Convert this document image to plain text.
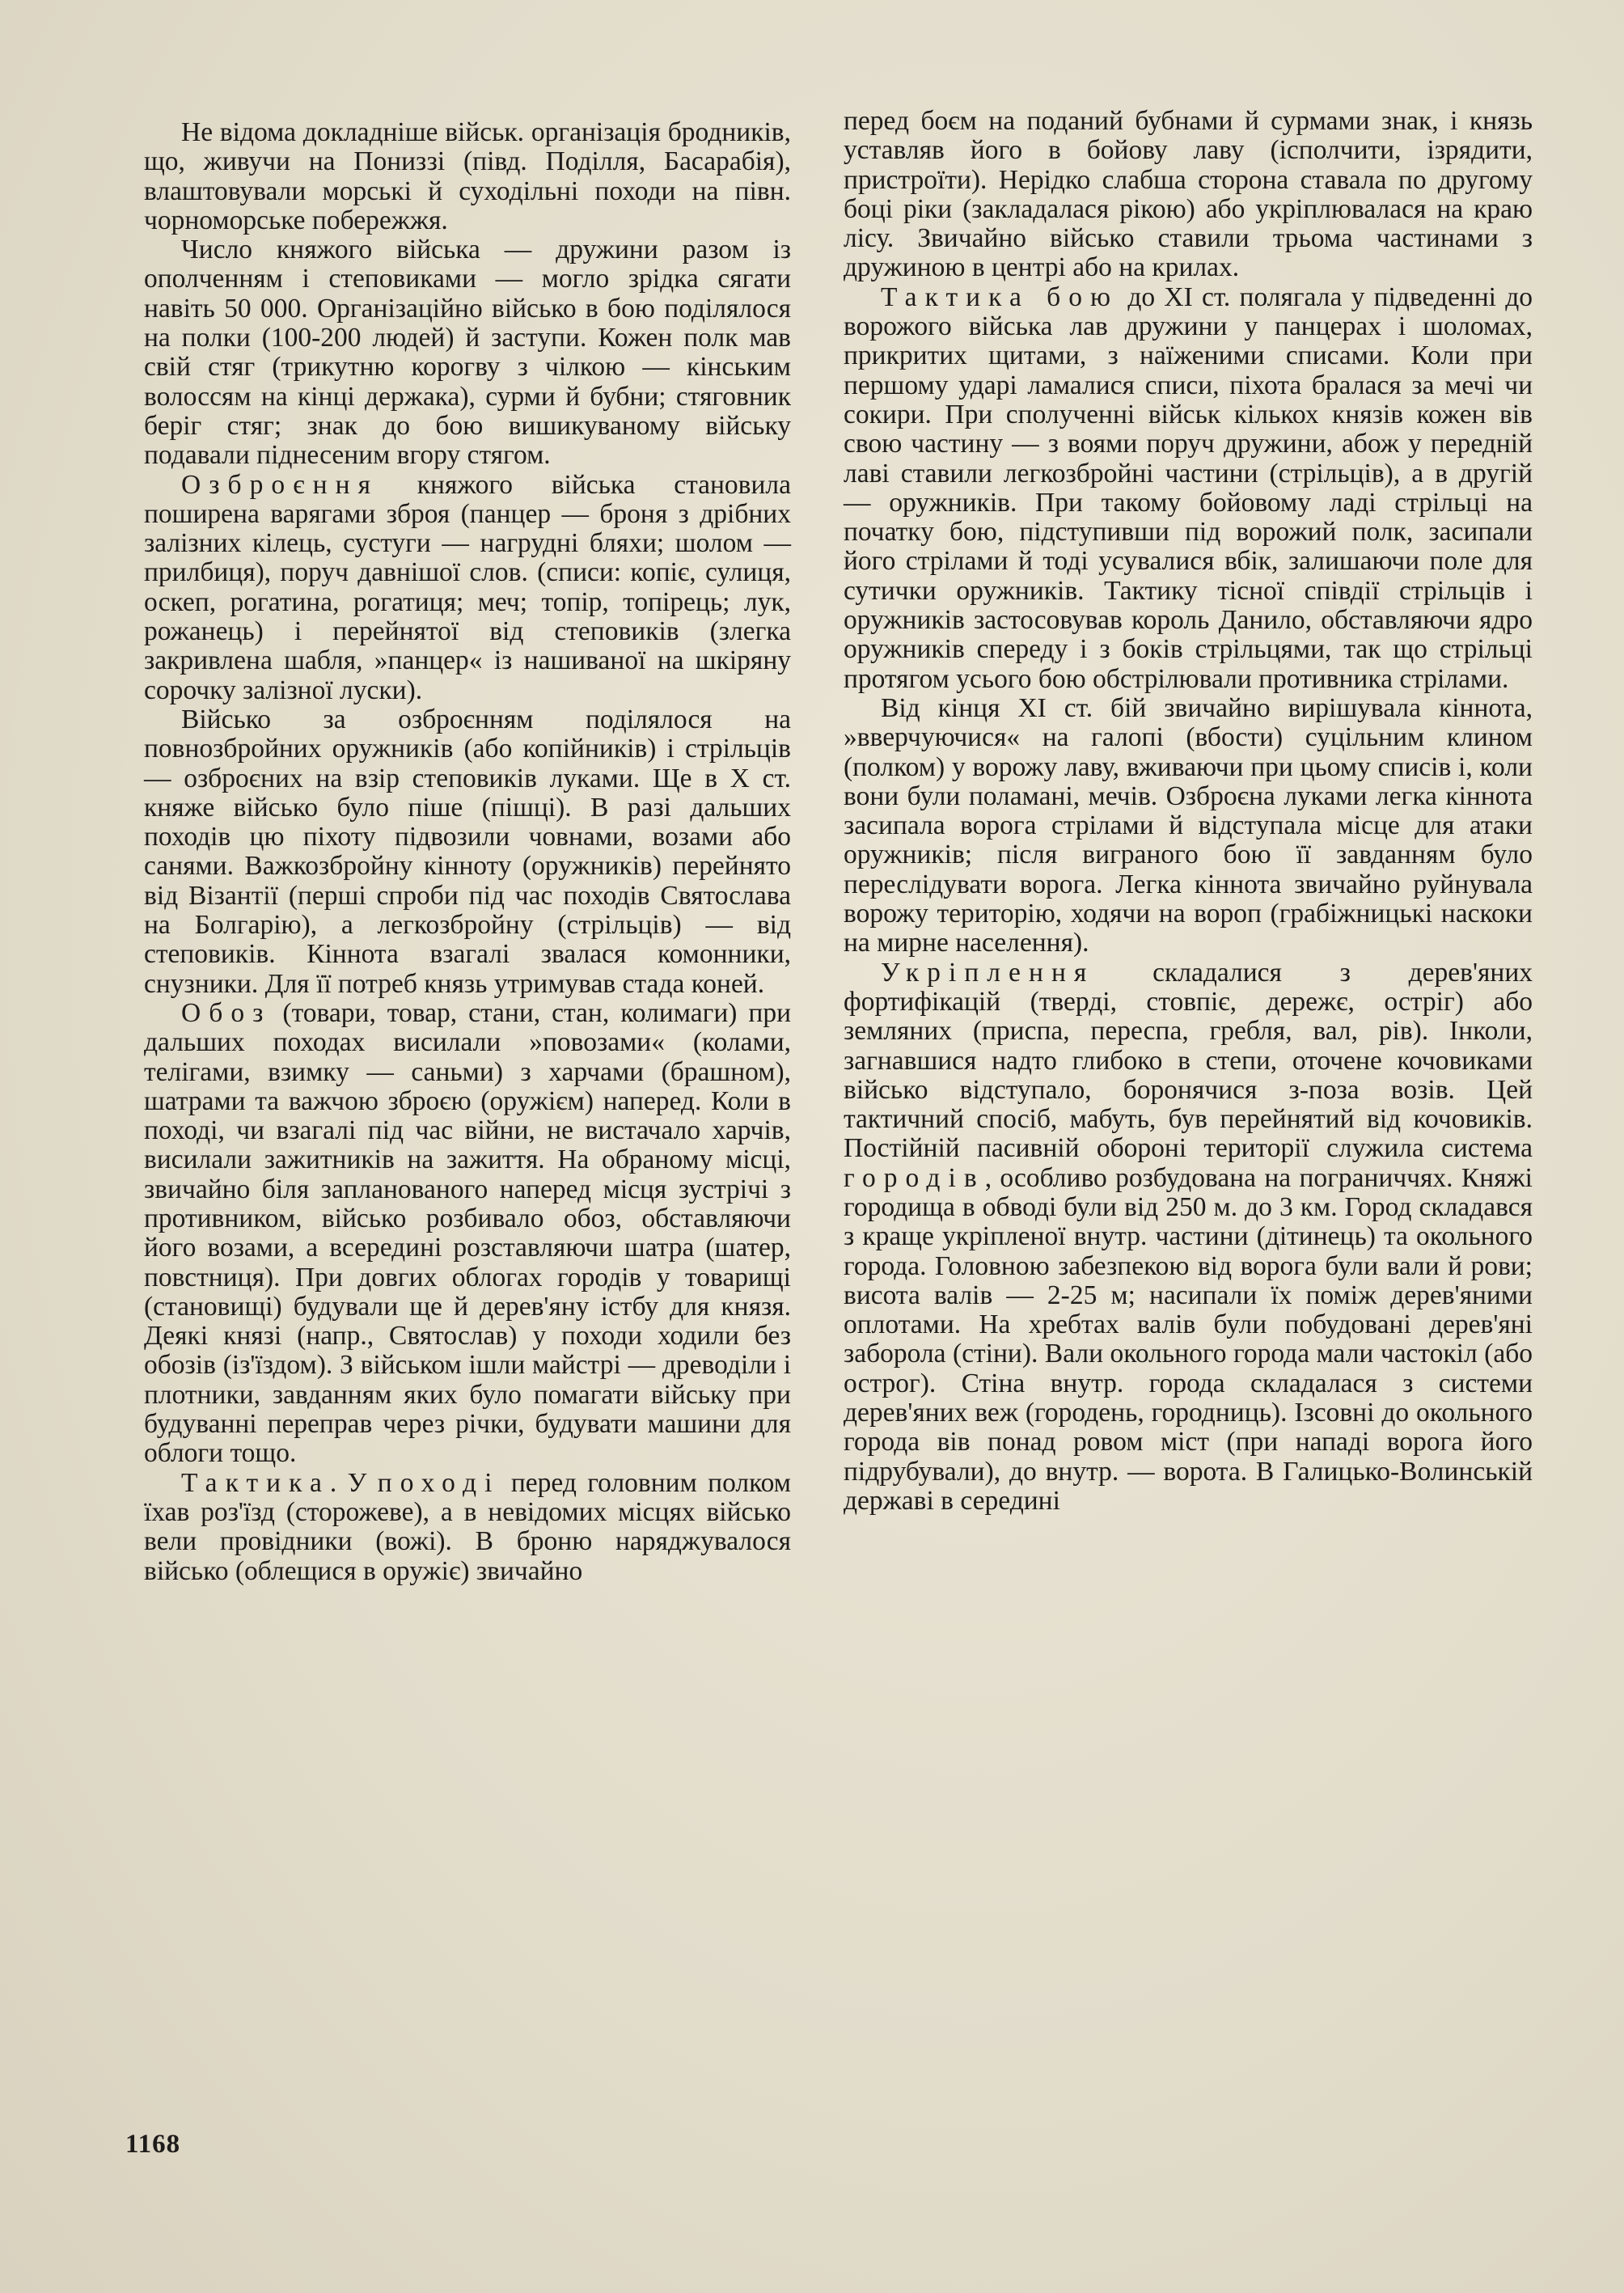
Не відома докладніше військ. організація бродників, що, живучи на Пониззі (півд. Поділля, Басарабія), влаштовували морські й суходільні походи на півн. чорноморське побережжя.

Число княжого війська — дружини разом із ополченням і степовиками — могло зрідка сягати навіть 50 000. Організаційно військо в бою поділялося на полки (100-200 людей) й заступи. Кожен полк мав свій стяг (трикутню корогву з чілкою — кінським волоссям на кінці держака), сурми й бубни; стяговник беріг стяг; знак до бою вишикуваному війську подавали піднесеним вгору стягом.

Озброєння княжого війська становила поширена варягами зброя (панцер — броня з дрібних залізних кілець, сустуги — нагрудні бляхи; шолом — прилбиця), поруч давнішої слов. (списи: копіє, сулиця, оскеп, рогатина, рогатиця; меч; топір, топірець; лук, рожанець) і перейнятої від степовиків (злегка закривлена шабля, »панцер« із нашиваної на шкіряну сорочку залізної луски).

Військо за озброєнням поділялося на повнозбройних оружників (або копійників) і стрільців — озброєних на взір степовиків луками. Ще в X ст. княже військо було піше (пішці). В разі дальших походів цю піхоту підвозили човнами, возами або санями. Важкозбройну кінноту (оружників) перейнято від Візантії (перші спроби під час походів Святослава на Болгарію), а легкозбройну (стрільців) — від степовиків. Кіннота взагалі звалася комонники, снузники. Для її потреб князь утримував стада коней.

Обоз (товари, товар, стани, стан, колимаги) при дальших походах висилали »повозами« (колами, телігами, взимку — саньми) з харчами (брашном), шатрами та важчою зброєю (оружієм) наперед. Коли в поході, чи взагалі під час війни, не вистачало харчів, висилали зажитників на зажиття. На обраному місці, звичайно біля запланованого наперед місця зустрічі з противником, військо розбивало обоз, обставляючи його возами, а всередині розставляючи шатра (шатер, повстниця). При довгих облогах городів у товарищі (становищі) будували ще й дерев'яну істбу для князя. Деякі князі (напр., Святослав) у походи ходили без обозів (із'їздом). З військом ішли майстрі — древоділи і плотники, завданням яких було помагати війську при будуванні переправ через річки, будувати машини для облоги тощо.

Тактика. У поході перед головним полком їхав роз'їзд (сторожеве), а в невідомих місцях військо вели провідники (вожі). В броню наряджувалося військо (облещися в оружіє) звичайно

перед боєм на поданий бубнами й сурмами знак, і князь уставляв його в бойову лаву (ісполчити, ізрядити, пристроїти). Нерідко слабша сторона ставала по другому боці ріки (закладалася рікою) або укріплювалася на краю лісу. Звичайно військо ставили трьома частинами з дружиною в центрі або на крилах.

Тактика бою до XI ст. полягала у підведенні до ворожого війська лав дружини у панцерах і шоломах, прикритих щитами, з наїженими списами. Коли при першому ударі ламалися списи, піхота бралася за мечі чи сокири. При сполученні військ кількох князів кожен вів свою частину — з воями поруч дружини, абож у передній лаві ставили легкозбройні частини (стрільців), а в другій — оружників. При такому бойовому ладі стрільці на початку бою, підступивши під ворожий полк, засипали його стрілами й тоді усувалися вбік, залишаючи поле для сутички оружників. Тактику тісної співдії стрільців і оружників застосовував король Данило, обставляючи ядро оружників спереду і з боків стрільцями, так що стрільці протягом усього бою обстрілювали противника стрілами.

Від кінця XI ст. бій звичайно вирішувала кіннота, »вверчуючися« на галопі (вбости) суцільним клином (полком) у ворожу лаву, вживаючи при цьому списів і, коли вони були поламані, мечів. Озброєна луками легка кіннота засипала ворога стрілами й відступала місце для атаки оружників; після виграного бою її завданням було переслідувати ворога. Легка кіннота звичайно руйнувала ворожу територію, ходячи на вороп (грабіжницькі наскоки на мирне населення).

Укріплення складалися з дерев'яних фортифікацій (тверді, стовпіє, дережє, остріг) або земляних (приспа, переспа, гребля, вал, рів). Інколи, загнавшися надто глибоко в степи, оточене кочовиками військо відступало, боронячися з-поза возів. Цей тактичний спосіб, мабуть, був перейнятий від кочовиків. Постійній пасивній обороні території служила система городів, особливо розбудована на пограниччях. Княжі городища в обводі були від 250 м. до 3 км. Город складався з краще укріпленої внутр. частини (дітинець) та окольного города. Головною забезпекою від ворога були вали й рови; висота валів — 2-25 м; насипали їх поміж дерев'яними оплотами. На хребтах валів були побудовані дерев'яні заборола (стіни). Вали окольного города мали частокіл (або острог). Стіна внутр. города складалася з системи дерев'яних веж (городень, городниць). Ізсовні до окольного города вів понад ровом міст (при нападі ворога його підрубували), до внутр. — ворота. В Галицько-Волинській державі в середині

1168
